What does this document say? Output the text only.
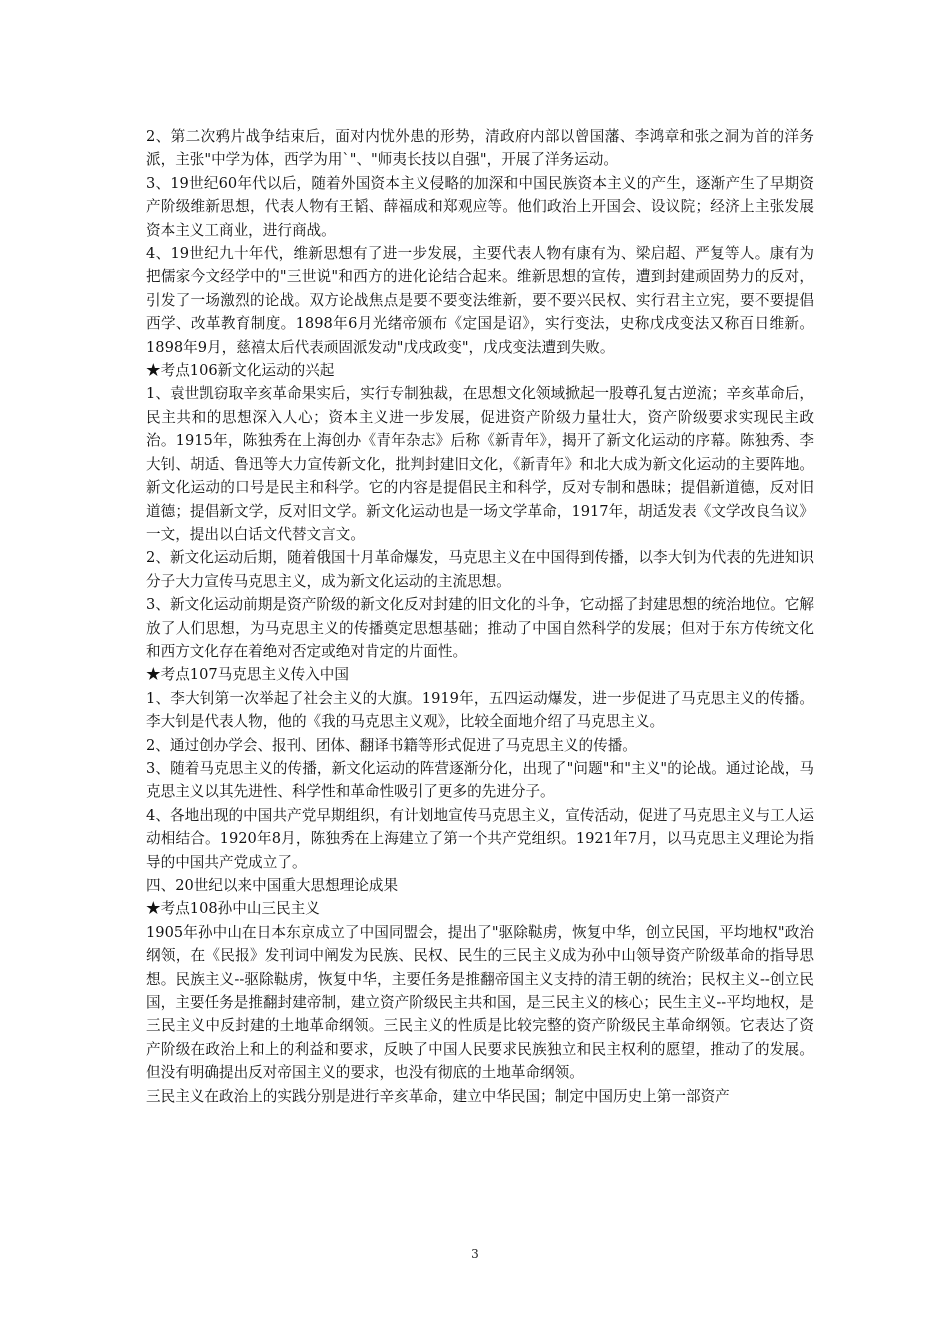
2、第二次鸦片战争结束后，面对内忧外患的形势，清政府内部以曾国藩、李鸿章和张之洞为首的洋务派，主张"中学为体，西学为用`"、"师夷长技以自强"，开展了洋务运动。

3、19世纪60年代以后，随着外国资本主义侵略的加深和中国民族资本主义的产生，逐渐产生了早期资产阶级维新思想，代表人物有王韬、薛福成和郑观应等。他们政治上开国会、设议院；经济上主张发展资本主义工商业，进行商战。

4、19世纪九十年代，维新思想有了进一步发展，主要代表人物有康有为、梁启超、严复等人。康有为把儒家今文经学中的"三世说"和西方的进化论结合起来。维新思想的宣传，遭到封建顽固势力的反对，引发了一场激烈的论战。双方论战焦点是要不要变法维新，要不要兴民权、实行君主立宪，要不要提倡西学、改革教育制度。1898年6月光绪帝颁布《定国是诏》，实行变法，史称戊戌变法又称百日维新。1898年9月，慈禧太后代表顽固派发动"戊戌政变"，戊戌变法遭到失败。

★考点106新文化运动的兴起

1、袁世凯窃取辛亥革命果实后，实行专制独裁，在思想文化领域掀起一股尊孔复古逆流；辛亥革命后，民主共和的思想深入人心；资本主义进一步发展，促进资产阶级力量壮大，资产阶级要求实现民主政治。1915年，陈独秀在上海创办《青年杂志》后称《新青年》，揭开了新文化运动的序幕。陈独秀、李大钊、胡适、鲁迅等大力宣传新文化，批判封建旧文化，《新青年》和北大成为新文化运动的主要阵地。新文化运动的口号是民主和科学。它的内容是提倡民主和科学，反对专制和愚昧；提倡新道德，反对旧道德；提倡新文学，反对旧文学。新文化运动也是一场文学革命，1917年，胡适发表《文学改良刍议》一文，提出以白话文代替文言文。

2、新文化运动后期，随着俄国十月革命爆发，马克思主义在中国得到传播，以李大钊为代表的先进知识分子大力宣传马克思主义，成为新文化运动的主流思想。

3、新文化运动前期是资产阶级的新文化反对封建的旧文化的斗争，它动摇了封建思想的统治地位。它解放了人们思想，为马克思主义的传播奠定思想基础；推动了中国自然科学的发展；但对于东方传统文化和西方文化存在着绝对否定或绝对肯定的片面性。

★考点107马克思主义传入中国

1、李大钊第一次举起了社会主义的大旗。1919年，五四运动爆发，进一步促进了马克思主义的传播。李大钊是代表人物，他的《我的马克思主义观》，比较全面地介绍了马克思主义。

2、通过创办学会、报刊、团体、翻译书籍等形式促进了马克思主义的传播。

3、随着马克思主义的传播，新文化运动的阵营逐渐分化，出现了"问题"和"主义"的论战。通过论战，马克思主义以其先进性、科学性和革命性吸引了更多的先进分子。

4、各地出现的中国共产党早期组织，有计划地宣传马克思主义，宣传活动，促进了马克思主义与工人运动相结合。1920年8月，陈独秀在上海建立了第一个共产党组织。1921年7月，以马克思主义理论为指导的中国共产党成立了。

四、20世纪以来中国重大思想理论成果

★考点108孙中山三民主义

1905年孙中山在日本东京成立了中国同盟会，提出了"驱除鞑虏，恢复中华，创立民国，平均地权"政治纲领，在《民报》发刊词中阐发为民族、民权、民生的三民主义成为孙中山领导资产阶级革命的指导思想。民族主义--驱除鞑虏，恢复中华，主要任务是推翻帝国主义支持的清王朝的统治；民权主义--创立民国，主要任务是推翻封建帝制，建立资产阶级民主共和国，是三民主义的核心；民生主义--平均地权，是三民主义中反封建的土地革命纲领。三民主义的性质是比较完整的资产阶级民主革命纲领。它表达了资产阶级在政治上和上的利益和要求，反映了中国人民要求民族独立和民主权利的愿望，推动了的发展。但没有明确提出反对帝国主义的要求，也没有彻底的土地革命纲领。

三民主义在政治上的实践分别是进行辛亥革命，建立中华民国；制定中国历史上第一部资产

3
